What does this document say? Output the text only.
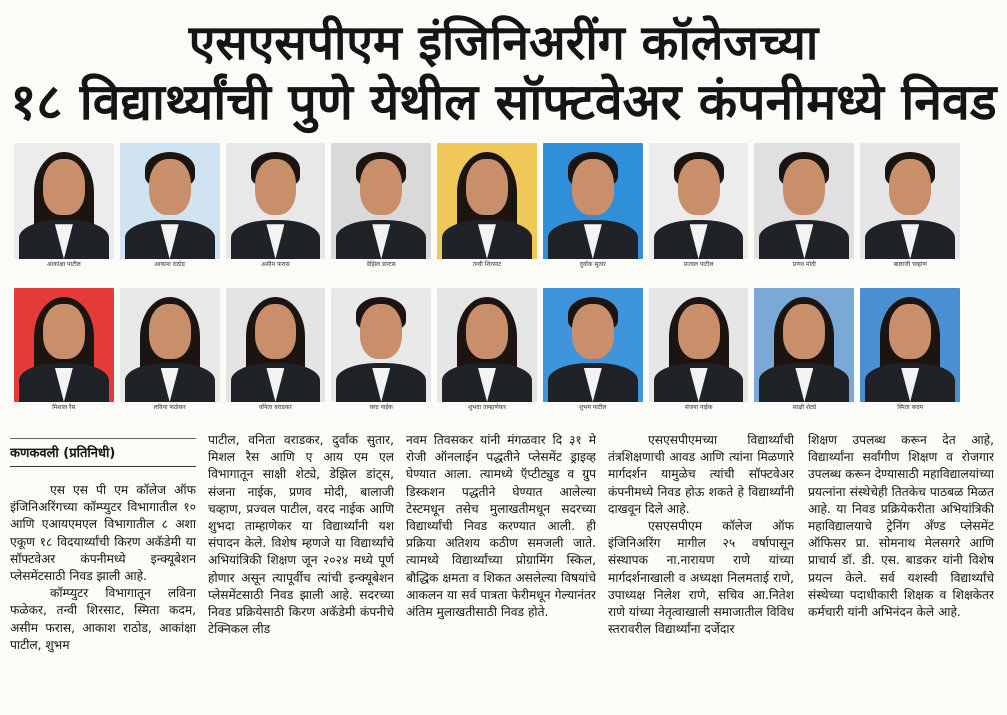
एसएसपीएम इंजिनिअरींग कॉलेजच्या
१८ विद्यार्थ्यांची पुणे येथील सॉफ्टवेअर कंपनीमध्ये निवड
आकांक्षा पाटील	आकाश राठोड	असीम फरास	डेझिल डान्टस	तन्वी शिरसाट	दुर्वांक सुतार	प्रज्वल पाटील	प्रणव मोदी	बालाजी चव्हाण
मिशाल रैस	लविना फळेकर	वनिता वराडकर	वरद नाईक	शुभदा ताम्हाणेकर	शुभम पाटील	संजना नाईक	साक्षी शेट्ये	स्मिता कदम
कणकवली (प्रतिनिधी)

एस एस पी एम कॉलेज ऑफ इंजिनिअरिंगच्या कॉम्प्युटर विभागातील १० आणि एआयएमएल विभागातील ८ अशा एकूण १८ विदयार्थ्यांची किरण अकॅडेमी या सॉफ्टवेअर कंपनीमध्ये इन्क्यूबेशन प्लेसमेंटसाठी निवड झाली आहे.

कॉम्प्युटर विभागातून लविना फळेकर, तन्वी शिरसाट, स्मिता कदम, असीम फरास, आकाश राठोड, आकांक्षा पाटील, शुभम

पाटील, वनिता वराडकर, दुर्वांक सुतार, मिशल रैस आणि ए आय एम एल विभागातून साक्षी शेट्ये, डेझिल डांट्स, संजना नाईक, प्रणव मोदी, बालाजी चव्हाण, प्रज्वल पाटील, वरद नाईक आणि शुभदा ताम्हाणेकर या विद्यार्थ्यांनी यश संपादन केले. विशेष म्हणजे या विद्यार्थ्यांचे अभियांत्रिकी शिक्षण जून २०२४ मध्ये पूर्ण होणार असून त्यापूर्वीच त्यांची इन्क्यूबेशन प्लेसमेंटसाठी निवड झाली आहे. सदरच्या निवड प्रक्रियेसाठी किरण अकॅडेमी कंपनीचे टेक्निकल लीड

नवम तिवसकर यांनी मंगळवार दि ३१ मे रोजी ऑनलाईन पद्धतीने प्लेसमेंट ड्राइव्ह घेण्यात आला. त्यामध्ये ऍप्टीट्युड व ग्रुप डिस्कशन पद्धतीने घेण्यात आलेल्या टेस्टमधून तसेच मुलाखतीमधून सदरच्या विद्यार्थ्यांची निवड करण्यात आली. ही प्रक्रिया अतिशय कठीण समजली जाते. त्यामध्ये विद्यार्थ्यांच्या प्रोग्रामिंग स्किल, बौद्धिक क्षमता व शिकत असलेल्या विषयांचे आकलन या सर्व पात्रता फेरीमधून गेल्यानंतर अंतिम मुलाखतीसाठी निवड होते.

एसएसपीएमच्या विद्यार्थ्यांची तंत्रशिक्षणाची आवड आणि त्यांना मिळणारे मार्गदर्शन यामुळेच त्यांची सॉफ्टवेअर कंपनीमध्ये निवड होऊ शकते हे विद्यार्थ्यांनी दाखवून दिले आहे.

एसएसपीएम कॉलेज ऑफ इंजिनिअरिंग मागील २५ वर्षापासून संस्थापक ना.नारायण राणे यांच्या मार्गदर्शनाखाली व अध्यक्षा निलमताई राणे, उपाध्यक्ष निलेश राणे, सचिव आ.नितेश राणे यांच्या नेतृत्वाखाली समाजातील विविध स्तरावरील विद्यार्थ्यांना दर्जेदार

शिक्षण उपलब्ध करून देत आहे, विद्यार्थ्यांना सर्वांगीण शिक्षण व रोजगार उपलब्ध करून देण्यासाठी महाविद्यालयांच्या प्रयत्नांना संस्थेचेही तितकेच पाठबळ मिळत आहे. या निवड प्रक्रियेकरीता अभियांत्रिकी महाविद्यालयाचे ट्रेनिंग अँण्ड प्लेसमेंट ऑफिसर प्रा. सोमनाथ मेलसगरे आणि प्राचार्य डॉ. डी. एस. बाडकर यांनी विशेष प्रयत्न केले. सर्व यशस्वी विद्यार्थ्यांचे संस्थेच्या पदाधीकारी शिक्षक व शिक्षकेतर कर्मचारी यांनी अभिनंदन केले आहे.
